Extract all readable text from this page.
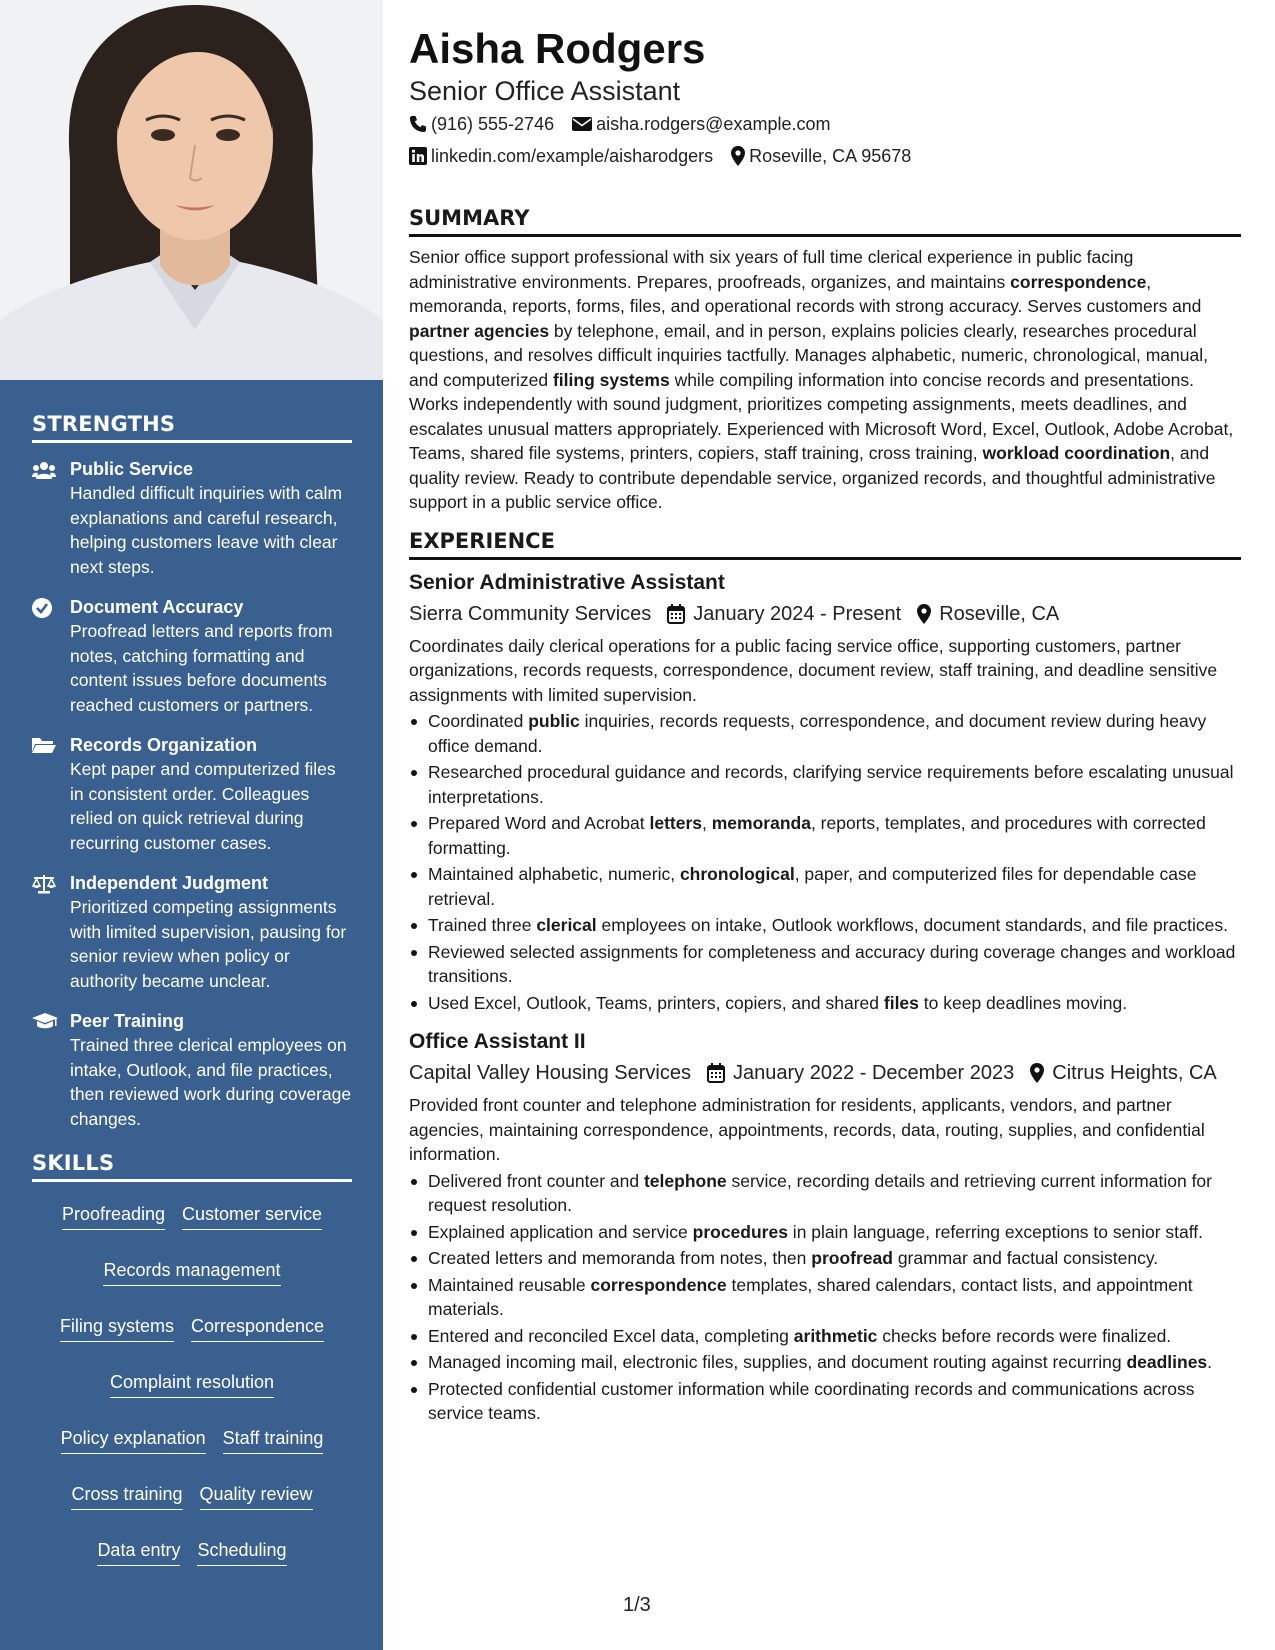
STRENGTHS
Public Service
Handled difficult inquiries with calm explanations and careful research, helping customers leave with clear next steps.
Document Accuracy
Proofread letters and reports from notes, catching formatting and content issues before documents reached customers or partners.
Records Organization
Kept paper and computerized files in consistent order. Colleagues relied on quick retrieval during recurring customer cases.
Independent Judgment
Prioritized competing assignments with limited supervision, pausing for senior review when policy or authority became unclear.
Peer Training
Trained three clerical employees on intake, Outlook, and file practices, then reviewed work during coverage changes.
SKILLS
Proofreading Customer service
Records management
Filing systems Correspondence
Complaint resolution
Policy explanation Staff training
Cross training Quality review
Data entry Scheduling
Aisha Rodgers
Senior Office Assistant
(916) 555-2746 aisha.rodgers@example.com
linkedin.com/example/aisharodgers Roseville, CA 95678
SUMMARY

Senior office support professional with six years of full time clerical experience in public facing administrative environments. Prepares, proofreads, organizes, and maintains correspondence, memoranda, reports, forms, files, and operational records with strong accuracy. Serves customers and partner agencies by telephone, email, and in person, explains policies clearly, researches procedural questions, and resolves difficult inquiries tactfully. Manages alphabetic, numeric, chronological, manual, and computerized filing systems while compiling information into concise records and presentations. Works independently with sound judgment, prioritizes competing assignments, meets deadlines, and escalates unusual matters appropriately. Experienced with Microsoft Word, Excel, Outlook, Adobe Acrobat, Teams, shared file systems, printers, copiers, staff training, cross training, workload coordination, and quality review. Ready to contribute dependable service, organized records, and thoughtful administrative support in a public service office.

EXPERIENCE
Senior Administrative Assistant
Sierra Community Services January 2024 - Present Roseville, CA

Coordinates daily clerical operations for a public facing service office, supporting customers, partner organizations, records requests, correspondence, document review, staff training, and deadline sensitive assignments with limited supervision.

Coordinated public inquiries, records requests, correspondence, and document review during heavy office demand.
Researched procedural guidance and records, clarifying service requirements before escalating unusual interpretations.
Prepared Word and Acrobat letters, memoranda, reports, templates, and procedures with corrected formatting.
Maintained alphabetic, numeric, chronological, paper, and computerized files for dependable case retrieval.
Trained three clerical employees on intake, Outlook workflows, document standards, and file practices.
Reviewed selected assignments for completeness and accuracy during coverage changes and workload transitions.
Used Excel, Outlook, Teams, printers, copiers, and shared files to keep deadlines moving.
Office Assistant II
Capital Valley Housing Services January 2022 - December 2023 Citrus Heights, CA

Provided front counter and telephone administration for residents, applicants, vendors, and partner agencies, maintaining correspondence, appointments, records, data, routing, supplies, and confidential information.

Delivered front counter and telephone service, recording details and retrieving current information for request resolution.
Explained application and service procedures in plain language, referring exceptions to senior staff.
Created letters and memoranda from notes, then proofread grammar and factual consistency.
Maintained reusable correspondence templates, shared calendars, contact lists, and appointment materials.
Entered and reconciled Excel data, completing arithmetic checks before records were finalized.
Managed incoming mail, electronic files, supplies, and document routing against recurring deadlines.
Protected confidential customer information while coordinating records and communications across service teams.
1/3
